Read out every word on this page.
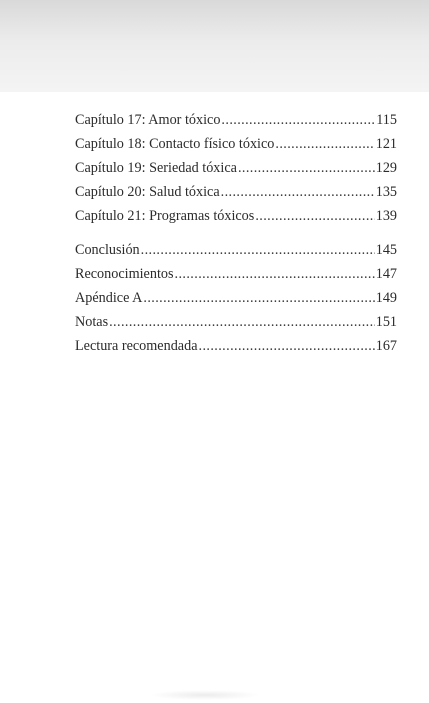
Capítulo 17: Amor tóxico .....	115
Capítulo 18: Contacto físico tóxico .....	121
Capítulo 19: Seriedad tóxica .....	129
Capítulo 20: Salud tóxica .....	135
Capítulo 21: Programas tóxicos .....	139
Conclusión .....	145
Reconocimientos .....	147
Apéndice A .....	149
Notas .....	151
Lectura recomendada .....	167
